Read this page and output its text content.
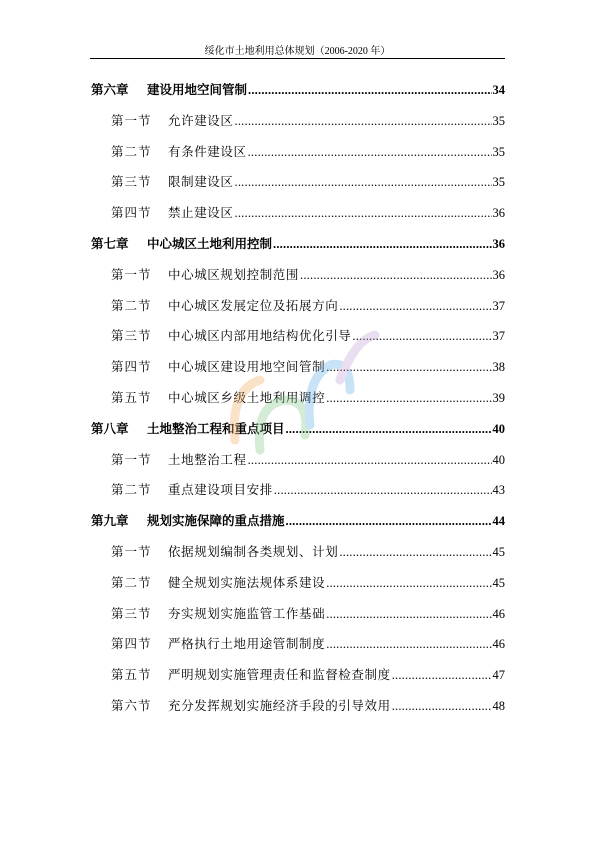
绥化市土地利用总体规划（2006-2020 年）
第六章	建设用地空间管制 .....	34
第一节	允许建设区 .....	35
第二节	有条件建设区 .....	35
第三节	限制建设区 .....	35
第四节	禁止建设区 .....	36
第七章	中心城区土地利用控制 .....	36
第一节	中心城区规划控制范围 .....	36
第二节	中心城区发展定位及拓展方向 .....	37
第三节	中心城区内部用地结构优化引导 .....	37
第四节	中心城区建设用地空间管制 .....	38
第五节	中心城区乡级土地利用调控 .....	39
第八章	土地整治工程和重点项目 .....	40
第一节	土地整治工程 .....	40
第二节	重点建设项目安排 .....	43
第九章	规划实施保障的重点措施 .....	44
第一节	依据规划编制各类规划、计划 .....	45
第二节	健全规划实施法规体系建设 .....	45
第三节	夯实规划实施监管工作基础 .....	46
第四节	严格执行土地用途管制制度 .....	46
第五节	严明规划实施管理责任和监督检查制度 .....	47
第六节	充分发挥规划实施经济手段的引导效用 .....	48
